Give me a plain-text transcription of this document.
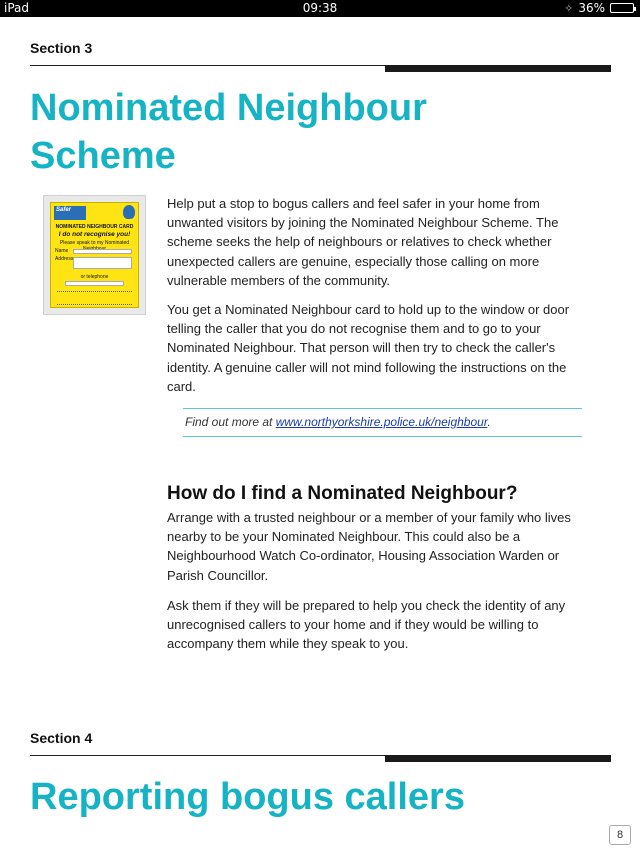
iPad	09:38	✧ 36%
Section 3
Nominated Neighbour
Scheme
Safer
NOMINATED NEIGHBOUR CARD
I do not recognise you!
Please speak to my Nominated
Name
Address
or telephone
Help put a stop to bogus callers and feel safer in your home from unwanted visitors by joining the Nominated Neighbour Scheme. The scheme seeks the help of neighbours or relatives to check whether unexpected callers are genuine, especially those calling on more vulnerable members of the community.
You get a Nominated Neighbour card to hold up to the window or door telling the caller that you do not recognise them and to go to your Nominated Neighbour. That person will then try to check the caller's identity. A genuine caller will not mind following the instructions on the card.
Find out more at www.northyorkshire.police.uk/neighbour.
How do I find a Nominated Neighbour?
Arrange with a trusted neighbour or a member of your family who lives nearby to be your Nominated Neighbour. This could also be a Neighbourhood Watch Co-ordinator, Housing Association Warden or Parish Councillor.
Ask them if they will be prepared to help you check the identity of any unrecognised callers to your home and if they would be willing to accompany them while they speak to you.
Section 4
Reporting bogus callers
8
